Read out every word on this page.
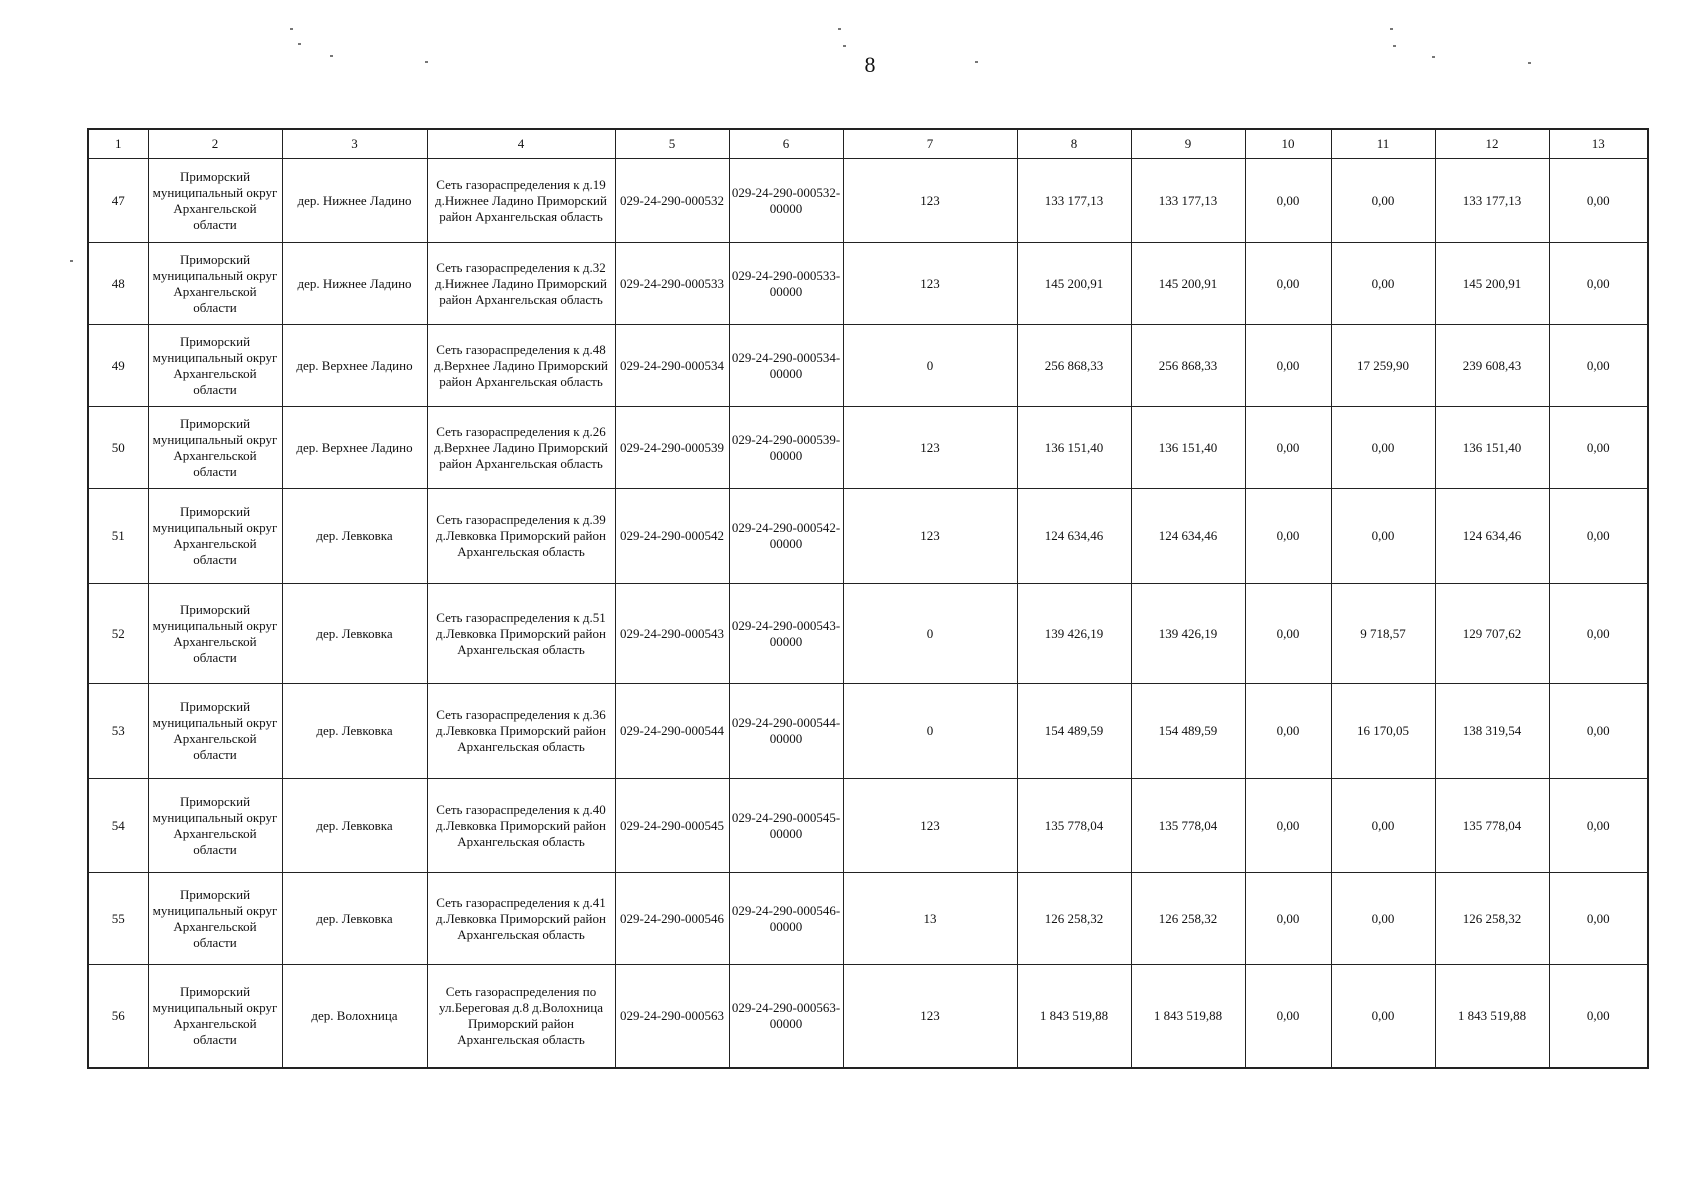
8
1	2	3	4	5	6	7	8	9	10	11	12	13
47	Приморский муниципальный округ Архангельской области	дер. Нижнее Ладино	Сеть газораспределения к д.19 д.Нижнее Ладино Приморский район Архангельская область	029-24-290-000532	029-24-290-000532-00000	123	133 177,13	133 177,13	0,00	0,00	133 177,13	0,00
48	Приморский муниципальный округ Архангельской области	дер. Нижнее Ладино	Сеть газораспределения к д.32 д.Нижнее Ладино Приморский район Архангельская область	029-24-290-000533	029-24-290-000533-00000	123	145 200,91	145 200,91	0,00	0,00	145 200,91	0,00
49	Приморский муниципальный округ Архангельской области	дер. Верхнее Ладино	Сеть газораспределения к д.48 д.Верхнее Ладино Приморский район Архангельская область	029-24-290-000534	029-24-290-000534-00000	0	256 868,33	256 868,33	0,00	17 259,90	239 608,43	0,00
50	Приморский муниципальный округ Архангельской области	дер. Верхнее Ладино	Сеть газораспределения к д.26 д.Верхнее Ладино Приморский район Архангельская область	029-24-290-000539	029-24-290-000539-00000	123	136 151,40	136 151,40	0,00	0,00	136 151,40	0,00
51	Приморский муниципальный округ Архангельской области	дер. Левковка	Сеть газораспределения к д.39 д.Левковка Приморский район Архангельская область	029-24-290-000542	029-24-290-000542-00000	123	124 634,46	124 634,46	0,00	0,00	124 634,46	0,00
52	Приморский муниципальный округ Архангельской области	дер. Левковка	Сеть газораспределения к д.51 д.Левковка Приморский район Архангельская область	029-24-290-000543	029-24-290-000543-00000	0	139 426,19	139 426,19	0,00	9 718,57	129 707,62	0,00
53	Приморский муниципальный округ Архангельской области	дер. Левковка	Сеть газораспределения к д.36 д.Левковка Приморский район Архангельская область	029-24-290-000544	029-24-290-000544-00000	0	154 489,59	154 489,59	0,00	16 170,05	138 319,54	0,00
54	Приморский муниципальный округ Архангельской области	дер. Левковка	Сеть газораспределения к д.40 д.Левковка Приморский район Архангельская область	029-24-290-000545	029-24-290-000545-00000	123	135 778,04	135 778,04	0,00	0,00	135 778,04	0,00
55	Приморский муниципальный округ Архангельской области	дер. Левковка	Сеть газораспределения к д.41 д.Левковка Приморский район Архангельская область	029-24-290-000546	029-24-290-000546-00000	13	126 258,32	126 258,32	0,00	0,00	126 258,32	0,00
56	Приморский муниципальный округ Архангельской области	дер. Волохница	Сеть газораспределения по ул.Береговая д.8 д.Волохница Приморский район Архангельская область	029-24-290-000563	029-24-290-000563-00000	123	1 843 519,88	1 843 519,88	0,00	0,00	1 843 519,88	0,00
